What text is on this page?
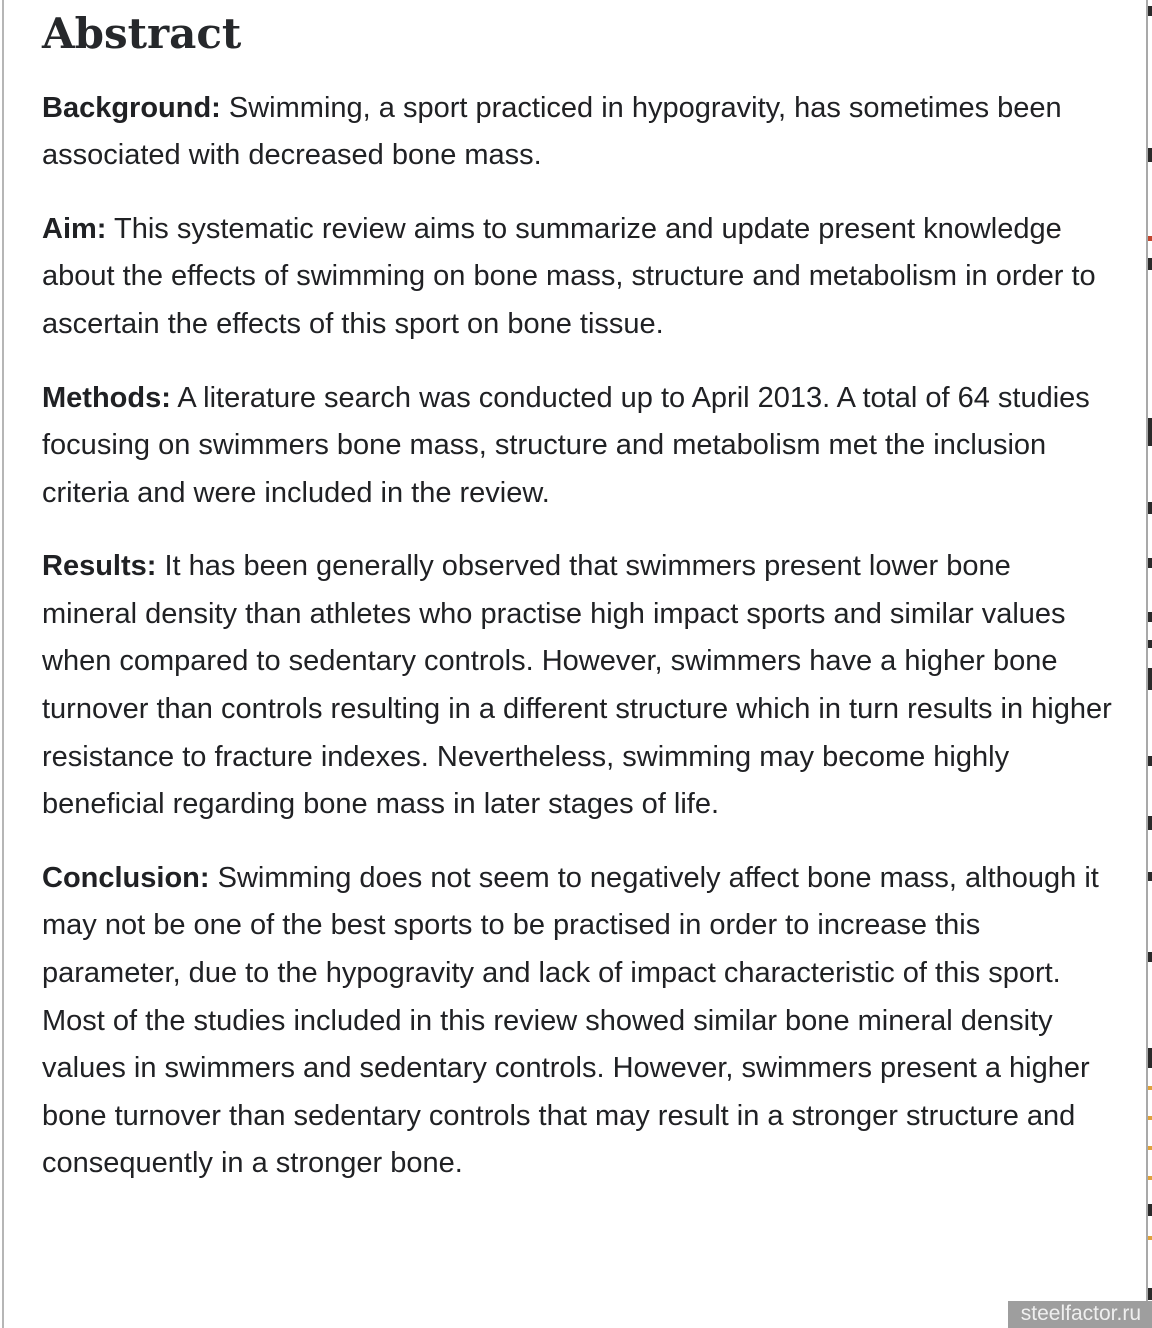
Abstract

Background: Swimming, a sport practiced in hypogravity, has sometimes been associated with decreased bone mass.

Aim: This systematic review aims to summarize and update present knowledge about the effects of swimming on bone mass, structure and metabolism in order to ascertain the effects of this sport on bone tissue.

Methods: A literature search was conducted up to April 2013. A total of 64 studies focusing on swimmers bone mass, structure and metabolism met the inclusion criteria and were included in the review.

Results: It has been generally observed that swimmers present lower bone mineral density than athletes who practise high impact sports and similar values when compared to sedentary controls. However, swimmers have a higher bone turnover than controls resulting in a different structure which in turn results in higher resistance to fracture indexes. Nevertheless, swimming may become highly beneficial regarding bone mass in later stages of life.

Conclusion: Swimming does not seem to negatively affect bone mass, although it may not be one of the best sports to be practised in order to increase this parameter, due to the hypogravity and lack of impact characteristic of this sport. Most of the studies included in this review showed similar bone mineral density values in swimmers and sedentary controls. However, swimmers present a higher bone turnover than sedentary controls that may result in a stronger structure and consequently in a stronger bone.

steelfactor.ru
